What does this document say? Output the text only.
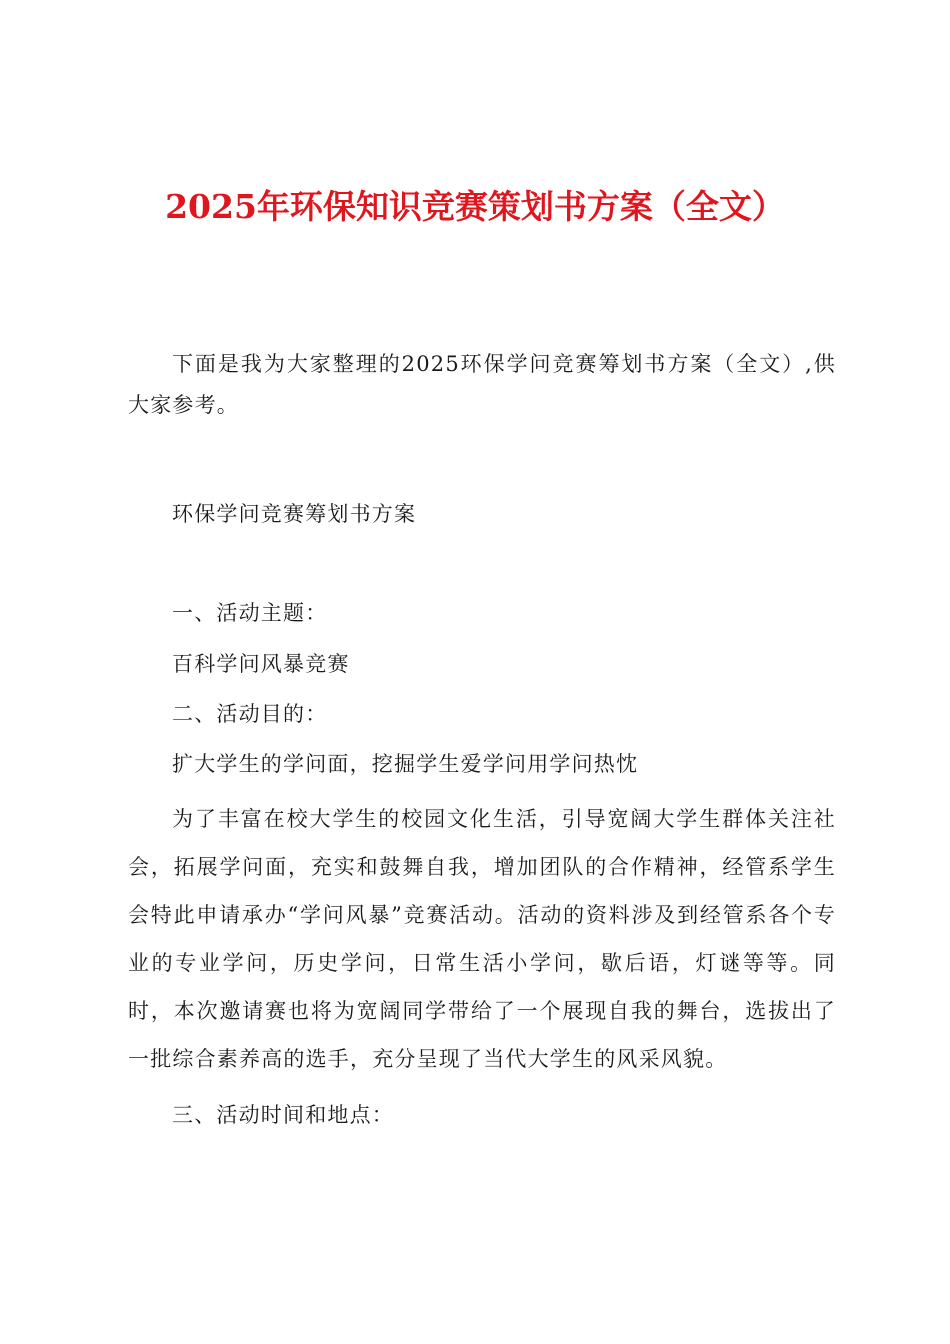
2025年环保知识竞赛策划书方案（全文）

下面是我为大家整理的2025环保学问竞赛筹划书方案（全文）,供大家参考。

环保学问竞赛筹划书方案

一、活动主题：

百科学问风暴竞赛

二、活动目的：

扩大学生的学问面，挖掘学生爱学问用学问热忱

为了丰富在校大学生的校园文化生活，引导宽阔大学生群体关注社会，拓展学问面，充实和鼓舞自我，增加团队的合作精神，经管系学生会特此申请承办“学问风暴”竞赛活动。活动的资料涉及到经管系各个专业的专业学问，历史学问，日常生活小学问，歇后语，灯谜等等。同时，本次邀请赛也将为宽阔同学带给了一个展现自我的舞台，选拔出了一批综合素养高的选手，充分呈现了当代大学生的风采风貌。

三、活动时间和地点：
